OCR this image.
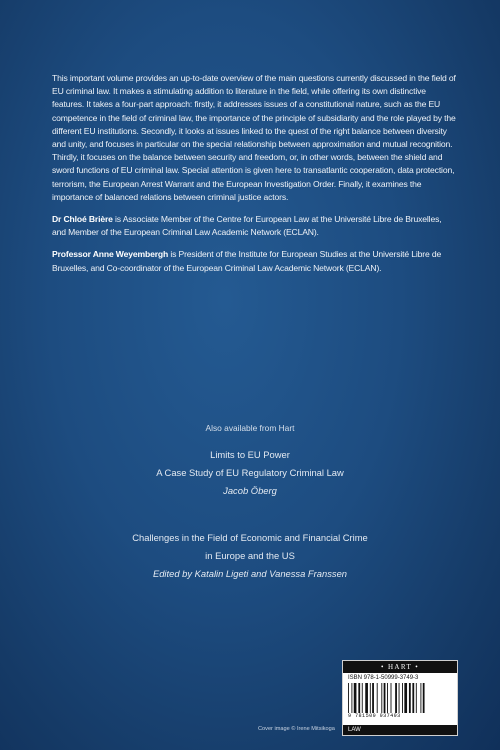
This important volume provides an up-to-date overview of the main questions currently discussed in the field of EU criminal law. It makes a stimulating addition to literature in the field, while offering its own distinctive features. It takes a four-part approach: firstly, it addresses issues of a constitutional nature, such as the EU competence in the field of criminal law, the importance of the principle of subsidiarity and the role played by the different EU institutions. Secondly, it looks at issues linked to the quest of the right balance between diversity and unity, and focuses in particular on the special relationship between approximation and mutual recognition. Thirdly, it focuses on the balance between security and freedom, or, in other words, between the shield and sword functions of EU criminal law. Special attention is given here to transatlantic cooperation, data protection, terrorism, the European Arrest Warrant and the European Investigation Order. Finally, it examines the importance of balanced relations between criminal justice actors.

Dr Chloé Brière is Associate Member of the Centre for European Law at the Université Libre de Bruxelles, and Member of the European Criminal Law Academic Network (ECLAN).

Professor Anne Weyembergh is President of the Institute for European Studies at the Université Libre de Bruxelles, and Co-coordinator of the European Criminal Law Academic Network (ECLAN).

Also available from Hart
Limits to EU Power
A Case Study of EU Regulatory Criminal Law
Jacob Öberg
Challenges in the Field of Economic and Financial Crime
in Europe and the US
Edited by Katalin Ligeti and Vanessa Franssen
• HART •
ISBN 978-1-50999-3749-3
9 781509 937493
LAW
Cover image © Irene Mitsikoga
